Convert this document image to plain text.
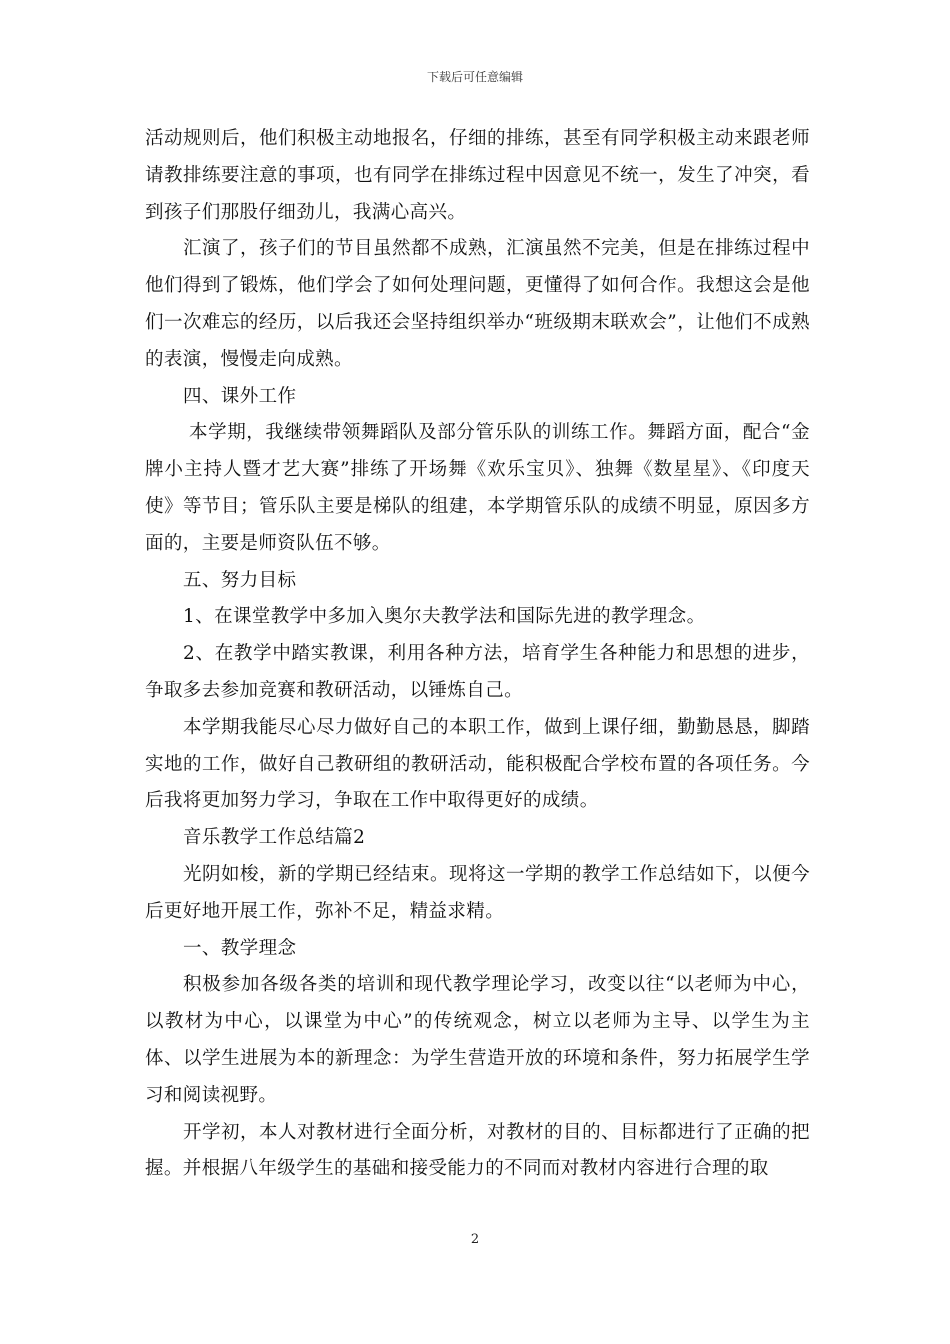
下载后可任意编辑

活动规则后，他们积极主动地报名，仔细的排练，甚至有同学积极主动来跟老师请教排练要注意的事项，也有同学在排练过程中因意见不统一，发生了冲突，看到孩子们那股仔细劲儿，我满心高兴。

汇演了，孩子们的节目虽然都不成熟，汇演虽然不完美，但是在排练过程中他们得到了锻炼，他们学会了如何处理问题，更懂得了如何合作。我想这会是他们一次难忘的经历，以后我还会坚持组织举办“班级期末联欢会”，让他们不成熟的表演，慢慢走向成熟。

四、课外工作

本学期，我继续带领舞蹈队及部分管乐队的训练工作。舞蹈方面，配合“金牌小主持人暨才艺大赛”排练了开场舞《欢乐宝贝》、独舞《数星星》、《印度天使》等节目；管乐队主要是梯队的组建，本学期管乐队的成绩不明显，原因多方面的，主要是师资队伍不够。

五、努力目标

1、在课堂教学中多加入奥尔夫教学法和国际先进的教学理念。

2、在教学中踏实教课，利用各种方法，培育学生各种能力和思想的进步，争取多去参加竞赛和教研活动，以锤炼自己。

本学期我能尽心尽力做好自己的本职工作，做到上课仔细，勤勤恳恳，脚踏实地的工作，做好自己教研组的教研活动，能积极配合学校布置的各项任务。今后我将更加努力学习，争取在工作中取得更好的成绩。

音乐教学工作总结篇2

光阴如梭，新的学期已经结束。现将这一学期的教学工作总结如下，以便今后更好地开展工作，弥补不足，精益求精。

一、教学理念

积极参加各级各类的培训和现代教学理论学习，改变以往“以老师为中心，以教材为中心，以课堂为中心”的传统观念，树立以老师为主导、以学生为主体、以学生进展为本的新理念：为学生营造开放的环境和条件，努力拓展学生学习和阅读视野。

开学初，本人对教材进行全面分析，对教材的目的、目标都进行了正确的把握。并根据八年级学生的基础和接受能力的不同而对教材内容进行合理的取

2
